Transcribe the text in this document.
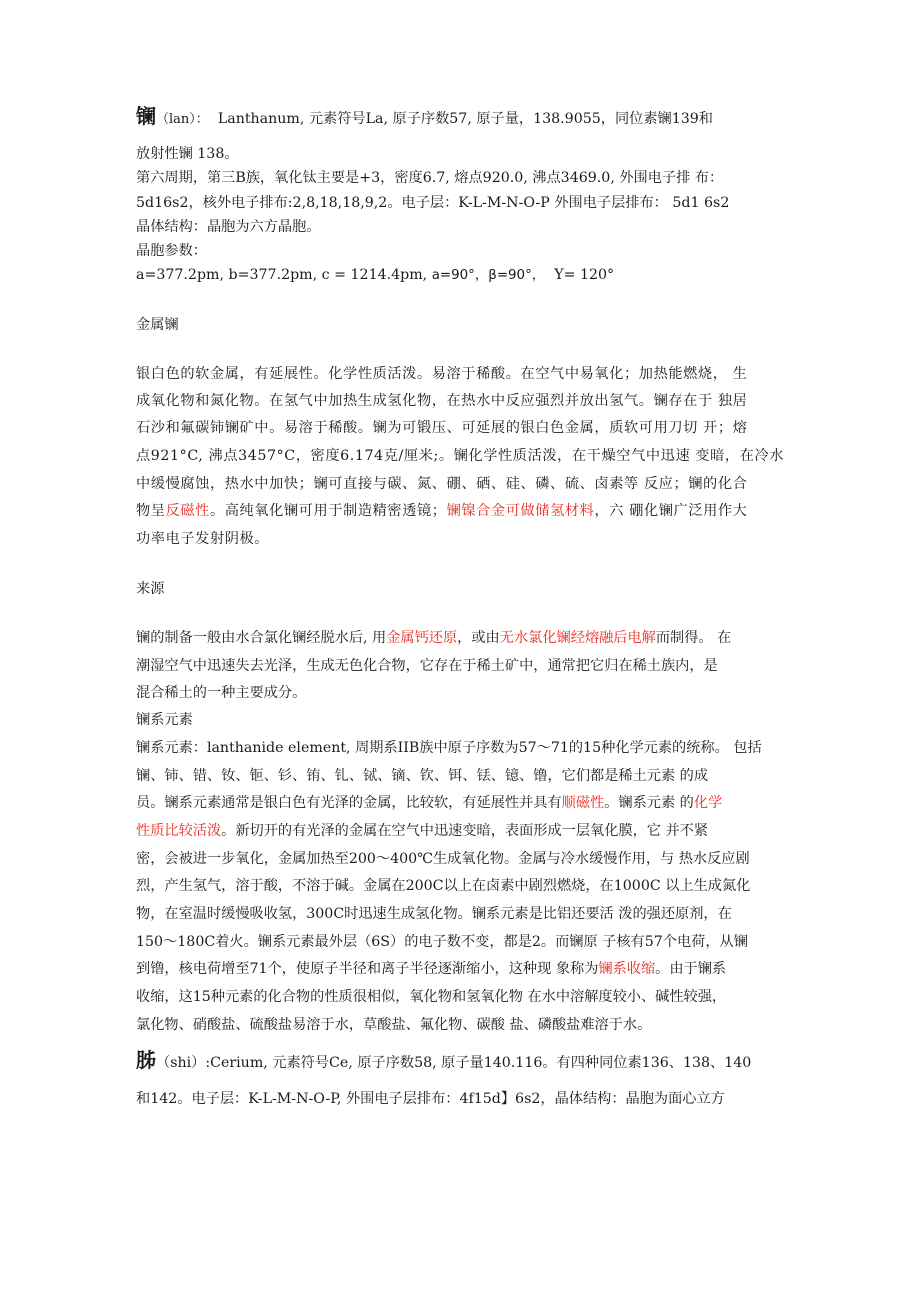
镧（lan）： Lanthanum, 元素符号La, 原子序数57, 原子量，138.9055，同位素镧139和
放射性镧 138。
第六周期，第三B族，氧化钛主要是+3，密度6.7, 熔点920.0, 沸点3469.0, 外围电子排 布：
5d16s2，核外电子排布:2,8,18,18,9,2。电子层：K-L-M-N-O-P 外围电子层排布： 5d1 6s2
晶体结构：晶胞为六方晶胞。
晶胞参数：
a=377.2pm, b=377.2pm, c = 1214.4pm, a=90°，β=90°， Y= 120°
金属镧
银白色的软金属，有延展性。化学性质活泼。易溶于稀酸。在空气中易氧化；加热能燃烧， 生
成氧化物和氮化物。在氢气中加热生成氢化物，在热水中反应强烈并放出氢气。镧存在于 独居
石沙和氟碳铈镧矿中。易溶于稀酸。镧为可锻压、可延展的银白色金属，质软可用刀切 开；熔
点921°C, 沸点3457°C，密度6.174克/厘米;。镧化学性质活泼，在干燥空气中迅速 变暗，在冷水
中缓慢腐蚀，热水中加快；镧可直接与碳、氮、硼、硒、硅、磷、硫、卤素等 反应；镧的化合
物呈反磁性。高纯氧化镧可用于制造精密透镜；镧镍合金可做储氢材料，六 硼化镧广泛用作大
功率电子发射阴极。
来源
镧的制备一般由水合氯化镧经脱水后, 用金属钙还原，或由无水氯化镧经熔融后电解而制得。 在
潮湿空气中迅速失去光泽，生成无色化合物，它存在于稀土矿中，通常把它归在稀土族内，是
混合稀土的一种主要成分。
镧系元素
镧系元素：lanthanide element, 周期系IIB族中原子序数为57〜71的15种化学元素的统称。 包括
镧、铈、错、钕、钷、钐、铕、钆、铽、镝、钦、铒、铥、镱、镥，它们都是稀土元素 的成
员。镧系元素通常是银白色有光泽的金属，比较软，有延展性并具有顺磁性。镧系元素 的化学
性质比较活泼。新切开的有光泽的金属在空气中迅速变暗，表面形成一层氧化膜，它 并不紧
密，会被进一步氧化，金属加热至200〜400℃生成氧化物。金属与冷水缓慢作用，与 热水反应剧
烈，产生氢气，溶于酸，不溶于碱。金属在200C以上在卤素中剧烈燃烧，在1000C 以上生成氮化
物，在室温时缓慢吸收氢，300C时迅速生成氢化物。镧系元素是比铝还要活 泼的强还原剂，在
150〜180C着火。镧系元素最外层（6S）的电子数不变，都是2。而镧原 子核有57个电荷，从镧
到镥，核电荷增至71个，使原子半径和离子半径逐渐缩小，这种现 象称为镧系收缩。由于镧系
收缩，这15种元素的化合物的性质很相似，氧化物和氢氧化物 在水中溶解度较小、碱性较强，
氯化物、硝酸盐、硫酸盐易溶于水，草酸盐、氟化物、碳酸 盐、磷酸盐难溶于水。
胏（shi）:Cerium, 元素符号Ce, 原子序数58, 原子量140.116。有四种同位素136、138、140
和142。电子层：K-L-M-N-O-P, 外围电子层排布：4f15d】6s2，晶体结构：晶胞为面心立方
